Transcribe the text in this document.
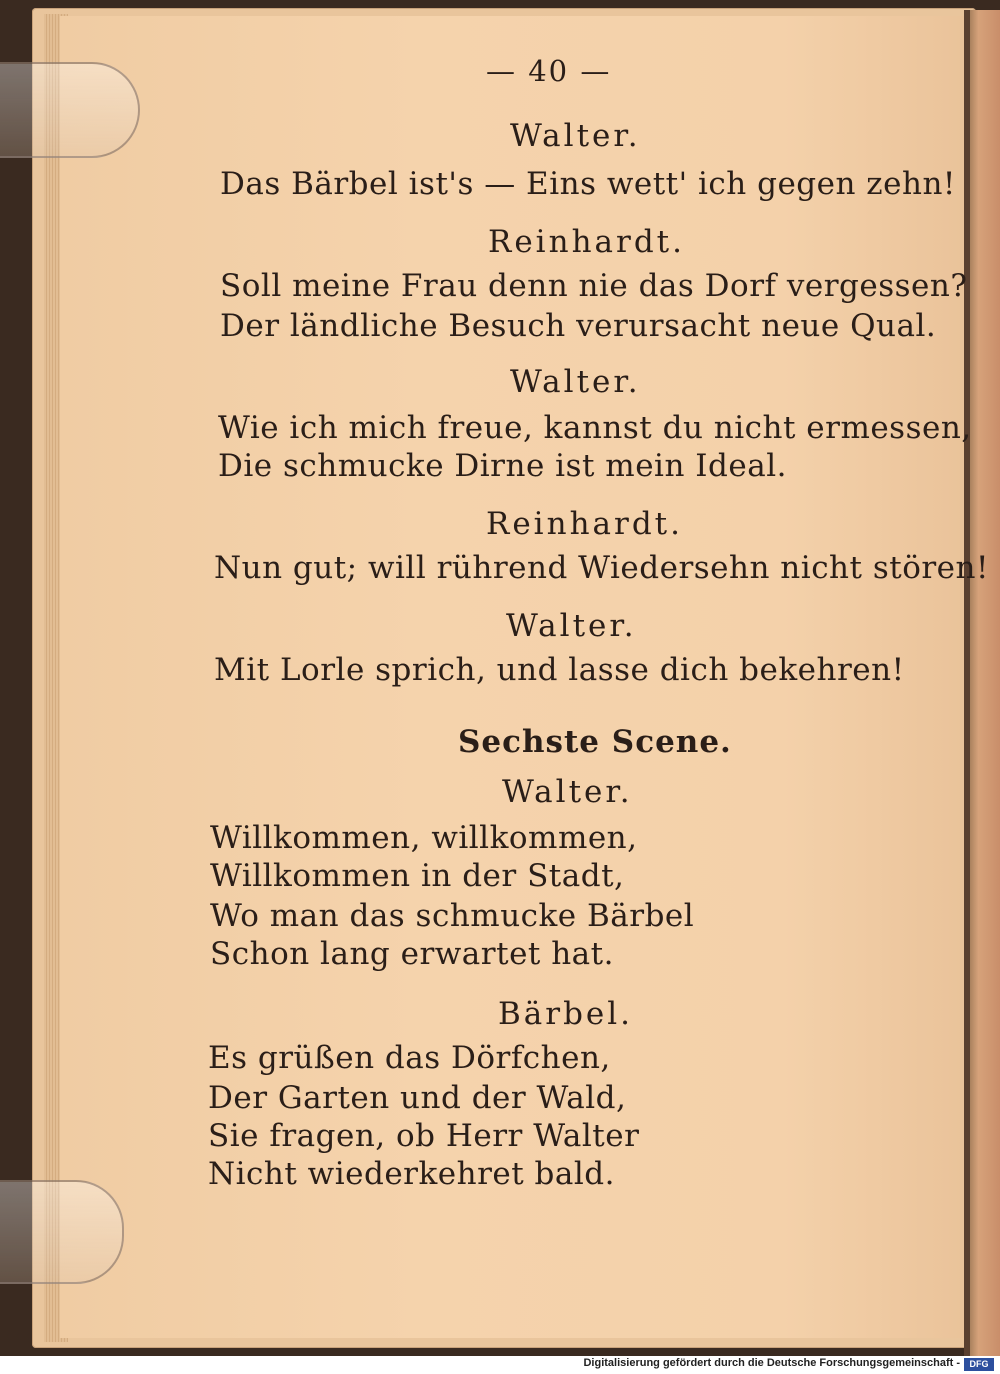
— 40 —
Walter.
Das Bärbel ist's — Eins wett' ich gegen zehn!
Reinhardt.
Soll meine Frau denn nie das Dorf vergessen?
Der ländliche Besuch verursacht neue Qual.
Walter.
Wie ich mich freue, kannst du nicht ermessen,
Die schmucke Dirne ist mein Ideal.
Reinhardt.
Nun gut; will rührend Wiedersehn nicht stören!
Walter.
Mit Lorle sprich, und lasse dich bekehren!
Sechste Scene.
Walter.
Willkommen, willkommen,
Willkommen in der Stadt,
Wo man das schmucke Bärbel
Schon lang erwartet hat.
Bärbel.
Es grüßen das Dörfchen,
Der Garten und der Wald,
Sie fragen, ob Herr Walter
Nicht wiederkehret bald.
Digitalisierung gefördert durch die Deutsche Forschungsgemeinschaft -	DFG
